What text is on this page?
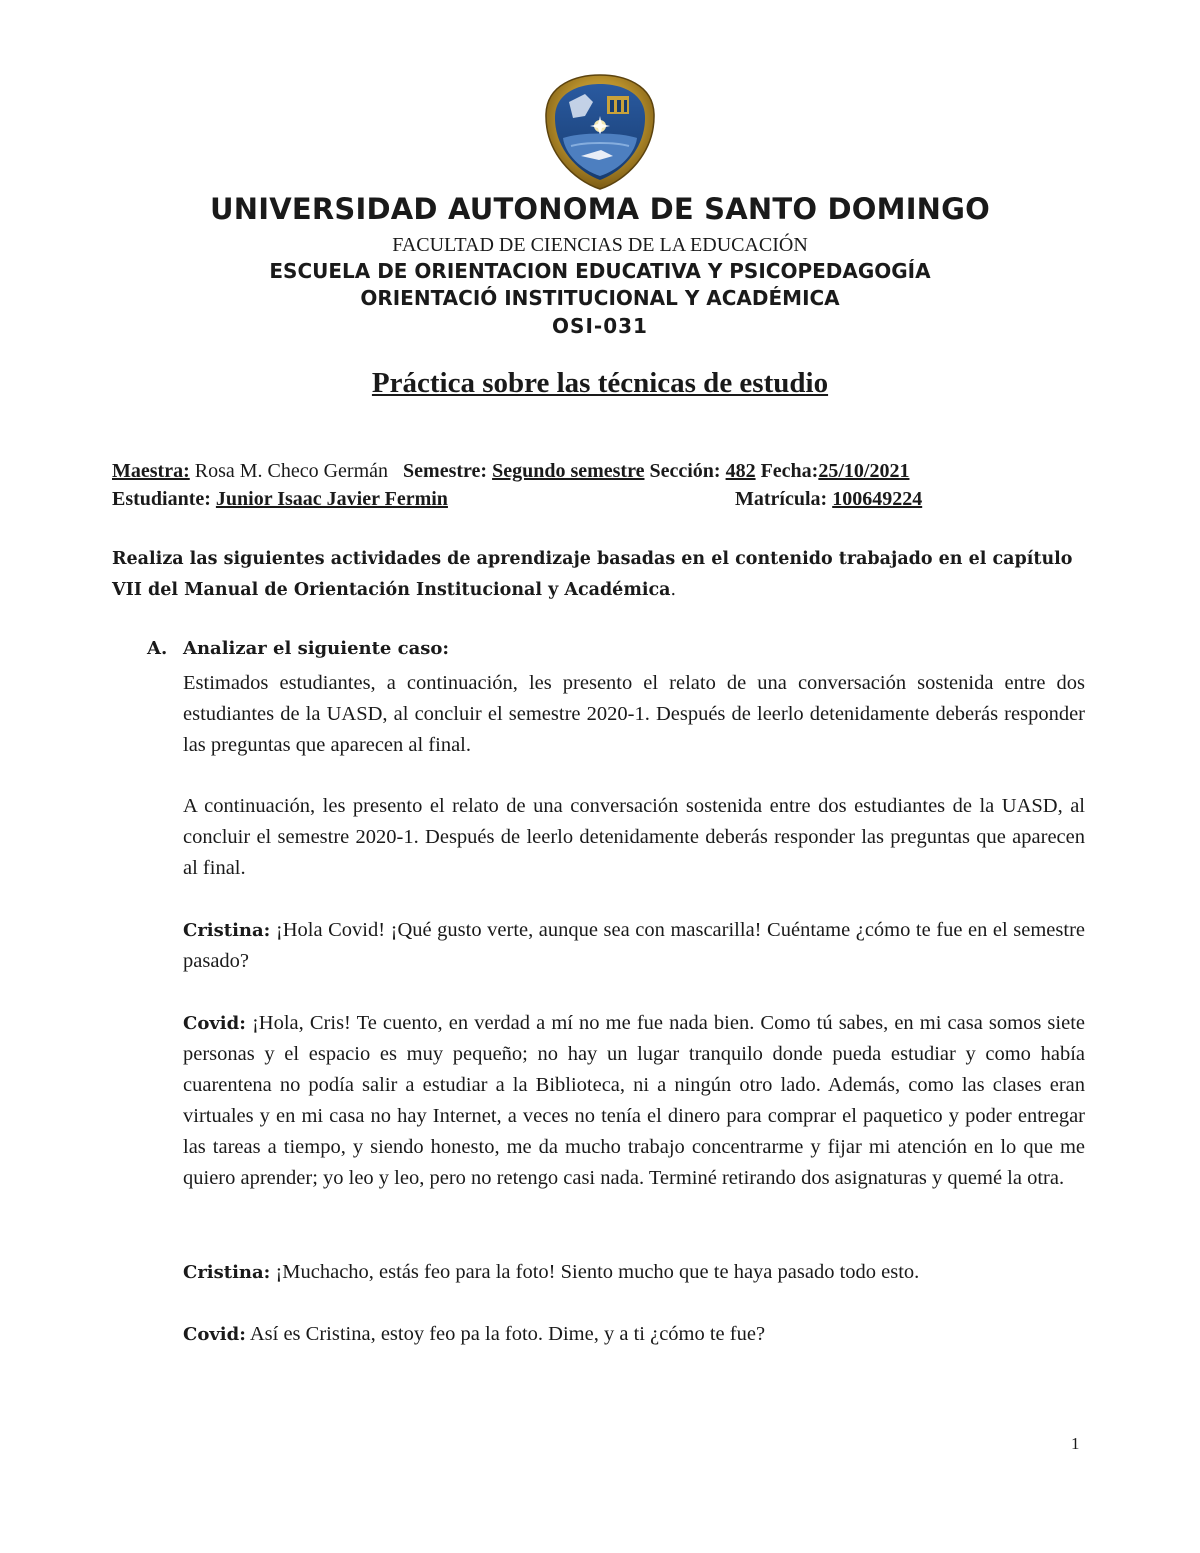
UNIVERSIDAD AUTONOMA DE SANTO DOMINGO
FACULTAD DE CIENCIAS DE LA EDUCACIÓN
ESCUELA DE ORIENTACION EDUCATIVA Y PSICOPEDAGOGÍA
ORIENTACIÓ INSTITUCIONAL Y ACADÉMICA
OSI-031
Práctica sobre las técnicas de estudio
Maestra: Rosa M. Checo Germán Semestre: Segundo semestre Sección: 482 Fecha:25/10/2021
Estudiante: Junior Isaac Javier Fermin	Matrícula: 100649224
Realiza las siguientes actividades de aprendizaje basadas en el contenido trabajado en el capítulo VII del Manual de Orientación Institucional y Académica.
A. Analizar el siguiente caso:
Estimados estudiantes, a continuación, les presento el relato de una conversación sostenida entre dos estudiantes de la UASD, al concluir el semestre 2020-1. Después de leerlo detenidamente deberás responder las preguntas que aparecen al final.
A continuación, les presento el relato de una conversación sostenida entre dos estudiantes de la UASD, al concluir el semestre 2020-1. Después de leerlo detenidamente deberás responder las preguntas que aparecen al final.
Cristina: ¡Hola Covid! ¡Qué gusto verte, aunque sea con mascarilla! Cuéntame ¿cómo te fue en el semestre pasado?
Covid: ¡Hola, Cris! Te cuento, en verdad a mí no me fue nada bien. Como tú sabes, en mi casa somos siete personas y el espacio es muy pequeño; no hay un lugar tranquilo donde pueda estudiar y como había cuarentena no podía salir a estudiar a la Biblioteca, ni a ningún otro lado. Además, como las clases eran virtuales y en mi casa no hay Internet, a veces no tenía el dinero para comprar el paquetico y poder entregar las tareas a tiempo, y siendo honesto, me da mucho trabajo concentrarme y fijar mi atención en lo que me quiero aprender; yo leo y leo, pero no retengo casi nada. Terminé retirando dos asignaturas y quemé la otra.
Cristina: ¡Muchacho, estás feo para la foto! Siento mucho que te haya pasado todo esto.
Covid: Así es Cristina, estoy feo pa la foto. Dime, y a ti ¿cómo te fue?
1
